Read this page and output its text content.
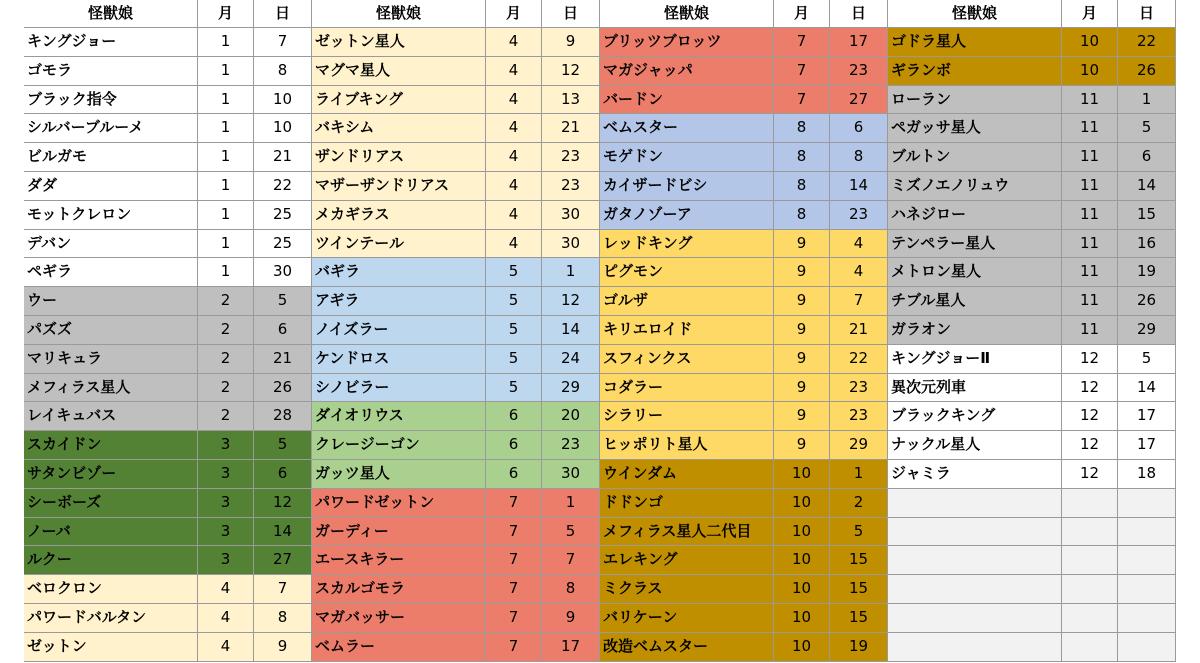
怪獣娘	月	日	怪獣娘	月	日	怪獣娘	月	日	怪獣娘	月	日
キングジョー	1	7	ゼットン星人	4	9	ブリッツブロッツ	7	17	ゴドラ星人	10	22
ゴモラ	1	8	マグマ星人	4	12	マガジャッパ	7	23	ギランボ	10	26
ブラック指令	1	10	ライブキング	4	13	バードン	7	27	ローラン	11	1
シルバーブルーメ	1	10	バキシム	4	21	ベムスター	8	6	ペガッサ星人	11	5
ビルガモ	1	21	ザンドリアス	4	23	モゲドン	8	8	ブルトン	11	6
ダダ	1	22	マザーザンドリアス	4	23	カイザードビシ	8	14	ミズノエノリュウ	11	14
モットクレロン	1	25	メカギラス	4	30	ガタノゾーア	8	23	ハネジロー	11	15
デバン	1	25	ツインテール	4	30	レッドキング	9	4	テンペラー星人	11	16
ペギラ	1	30	バギラ	5	1	ピグモン	9	4	メトロン星人	11	19
ウー	2	5	アギラ	5	12	ゴルザ	9	7	チブル星人	11	26
パズズ	2	6	ノイズラー	5	14	キリエロイド	9	21	ガラオン	11	29
マリキュラ	2	21	ケンドロス	5	24	スフィンクス	9	22	キングジョーⅡ	12	5
メフィラス星人	2	26	シノビラー	5	29	コダラー	9	23	異次元列車	12	14
レイキュバス	2	28	ダイオリウス	6	20	シラリー	9	23	ブラックキング	12	17
スカイドン	3	5	クレージーゴン	6	23	ヒッポリト星人	9	29	ナックル星人	12	17
サタンビゾー	3	6	ガッツ星人	6	30	ウインダム	10	1	ジャミラ	12	18
シーボーズ	3	12	パワードゼットン	7	1	ドドンゴ	10	2
ノーバ	3	14	ガーディー	7	5	メフィラス星人二代目	10	5
ルクー	3	27	エースキラー	7	7	エレキング	10	15
ベロクロン	4	7	スカルゴモラ	7	8	ミクラス	10	15
パワードバルタン	4	8	マガバッサー	7	9	バリケーン	10	15
ゼットン	4	9	ベムラー	7	17	改造ベムスター	10	19
